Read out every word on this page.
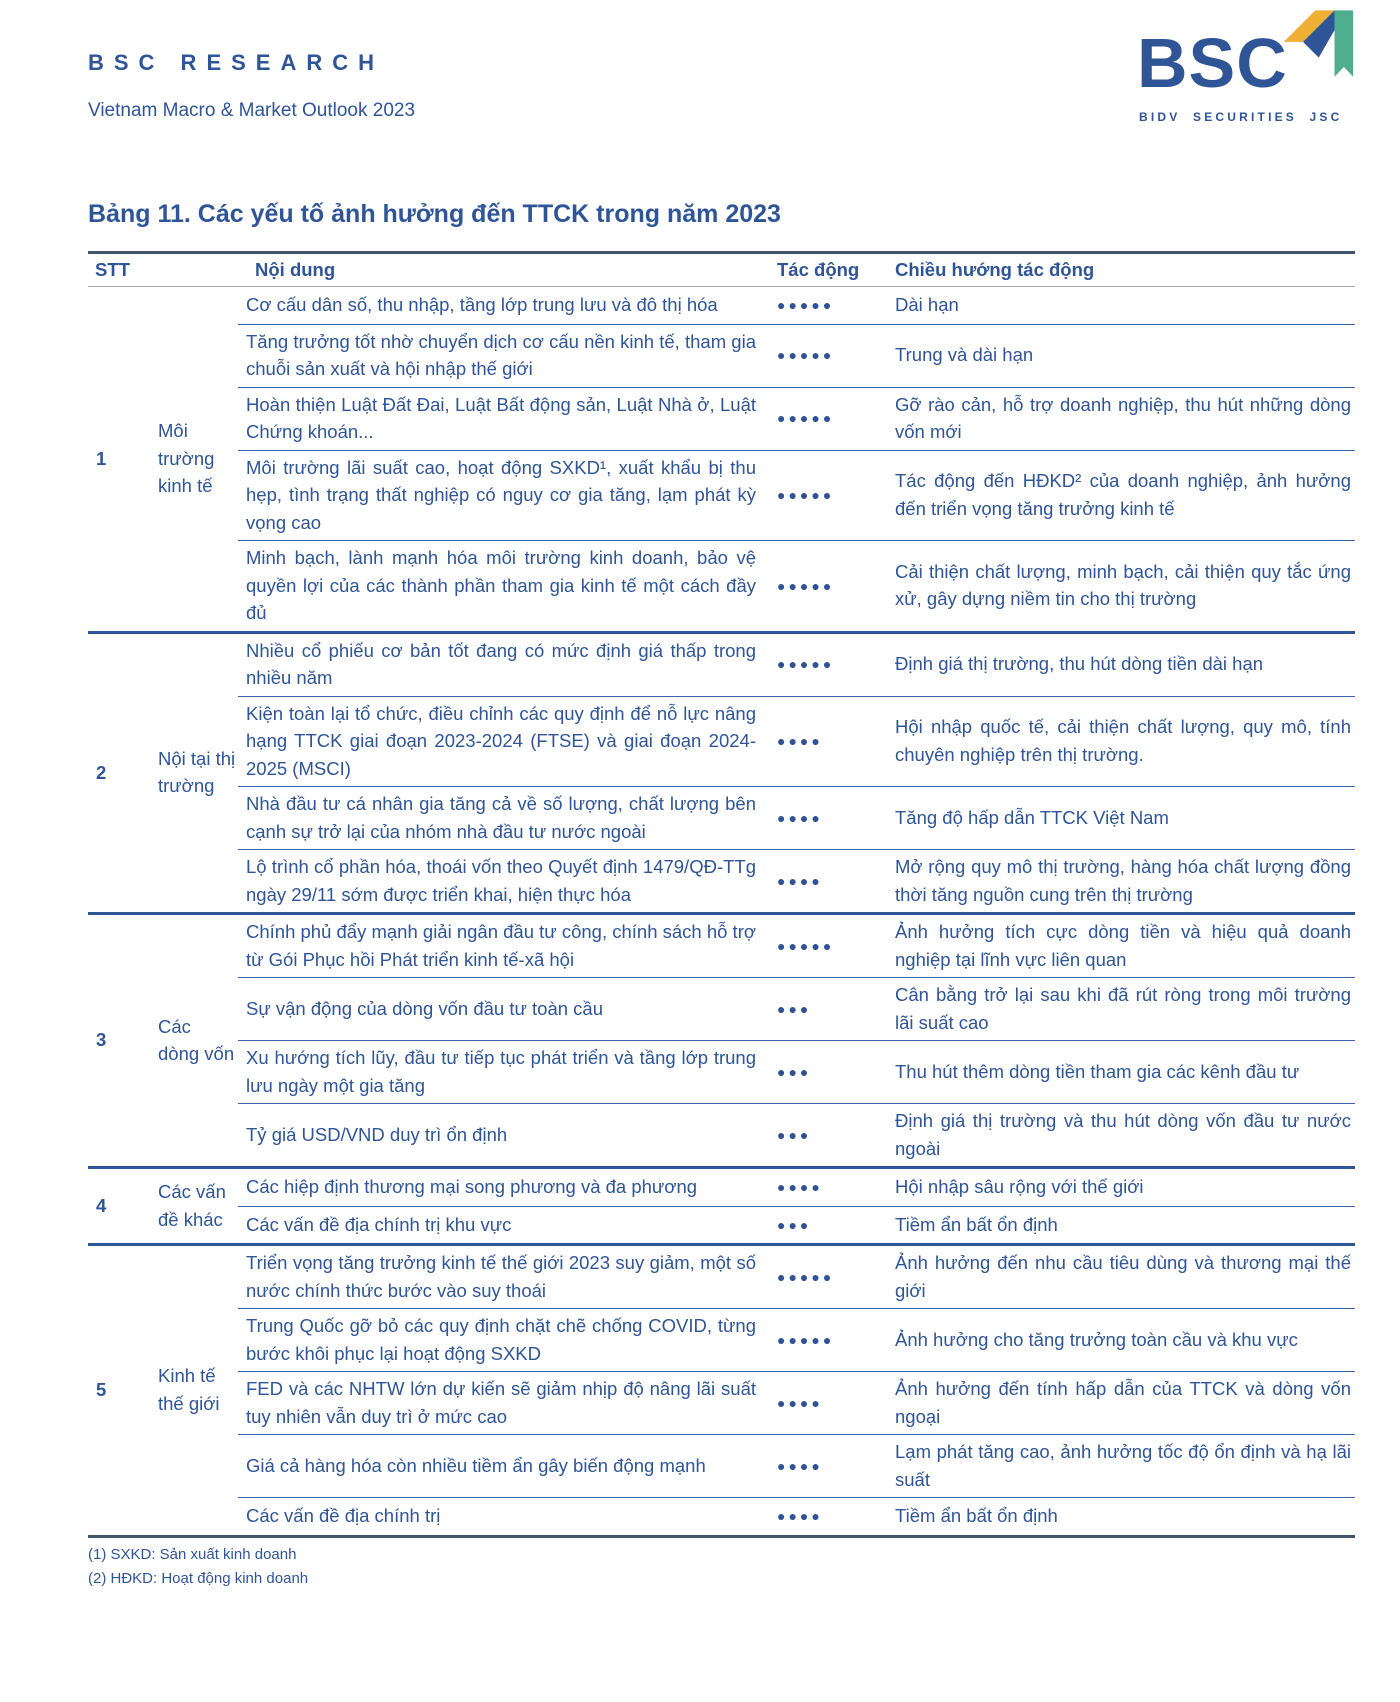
BSC RESEARCH
Vietnam Macro & Market Outlook 2023
BSC
BIDV SECURITIES JSC
Bảng 11. Các yếu tố ảnh hưởng đến TTCK trong năm 2023
STT		Nội dung	Tác động	Chiều hướng tác động
1	Môi trường kinh tế	Cơ cấu dân số, thu nhập, tầng lớp trung lưu và đô thị hóa	●●●●●	Dài hạn
		Tăng trưởng tốt nhờ chuyển dịch cơ cấu nền kinh tế, tham gia chuỗi sản xuất và hội nhập thế giới	●●●●●	Trung và dài hạn
		Hoàn thiện Luật Đất Đai, Luật Bất động sản, Luật Nhà ở, Luật Chứng khoán...	●●●●●	Gỡ rào cản, hỗ trợ doanh nghiệp, thu hút những dòng vốn mới
		Môi trường lãi suất cao, hoạt động SXKD¹, xuất khẩu bị thu hẹp, tình trạng thất nghiệp có nguy cơ gia tăng, lạm phát kỳ vọng cao	●●●●●	Tác động đến HĐKD² của doanh nghiệp, ảnh hưởng đến triển vọng tăng trưởng kinh tế
		Minh bạch, lành mạnh hóa môi trường kinh doanh, bảo vệ quyền lợi của các thành phần tham gia kinh tế một cách đầy đủ	●●●●●	Cải thiện chất lượng, minh bạch, cải thiện quy tắc ứng xử, gây dựng niềm tin cho thị trường
2	Nội tại thị trường	Nhiều cổ phiếu cơ bản tốt đang có mức định giá thấp trong nhiều năm	●●●●●	Định giá thị trường, thu hút dòng tiền dài hạn
		Kiện toàn lại tổ chức, điều chỉnh các quy định để nỗ lực nâng hạng TTCK giai đoạn 2023-2024 (FTSE) và giai đoạn 2024-2025 (MSCI)	●●●●	Hội nhập quốc tế, cải thiện chất lượng, quy mô, tính chuyên nghiệp trên thị trường.
		Nhà đầu tư cá nhân gia tăng cả về số lượng, chất lượng bên cạnh sự trở lại của nhóm nhà đầu tư nước ngoài	●●●●	Tăng độ hấp dẫn TTCK Việt Nam
		Lộ trình cổ phần hóa, thoái vốn theo Quyết định 1479/QĐ-TTg ngày 29/11 sớm được triển khai, hiện thực hóa	●●●●	Mở rộng quy mô thị trường, hàng hóa chất lượng đồng thời tăng nguồn cung trên thị trường
3	Các dòng vốn	Chính phủ đẩy mạnh giải ngân đầu tư công, chính sách hỗ trợ từ Gói Phục hồi Phát triển kinh tế-xã hội	●●●●●	Ảnh hưởng tích cực dòng tiền và hiệu quả doanh nghiệp tại lĩnh vực liên quan
		Sự vận động của dòng vốn đầu tư toàn cầu	●●●	Cân bằng trở lại sau khi đã rút ròng trong môi trường lãi suất cao
		Xu hướng tích lũy, đầu tư tiếp tục phát triển và tầng lớp trung lưu ngày một gia tăng	●●●	Thu hút thêm dòng tiền tham gia các kênh đầu tư
		Tỷ giá USD/VND duy trì ổn định	●●●	Định giá thị trường và thu hút dòng vốn đầu tư nước ngoài
4	Các vấn đề khác	Các hiệp định thương mại song phương và đa phương	●●●●	Hội nhập sâu rộng với thế giới
		Các vấn đề địa chính trị khu vực	●●●	Tiềm ẩn bất ổn định
5	Kinh tế thế giới	Triển vọng tăng trưởng kinh tế thế giới 2023 suy giảm, một số nước chính thức bước vào suy thoái	●●●●●	Ảnh hưởng đến nhu cầu tiêu dùng và thương mại thế giới
		Trung Quốc gỡ bỏ các quy định chặt chẽ chống COVID, từng bước khôi phục lại hoạt động SXKD	●●●●●	Ảnh hưởng cho tăng trưởng toàn cầu và khu vực
		FED và các NHTW lớn dự kiến sẽ giảm nhịp độ nâng lãi suất tuy nhiên vẫn duy trì ở mức cao	●●●●	Ảnh hưởng đến tính hấp dẫn của TTCK và dòng vốn ngoại
		Giá cả hàng hóa còn nhiều tiềm ẩn gây biến động mạnh	●●●●	Lạm phát tăng cao, ảnh hưởng tốc độ ổn định và hạ lãi suất
		Các vấn đề địa chính trị	●●●●	Tiềm ẩn bất ổn định
(1) SXKD: Sản xuất kinh doanh
(2) HĐKD: Hoạt động kinh doanh
